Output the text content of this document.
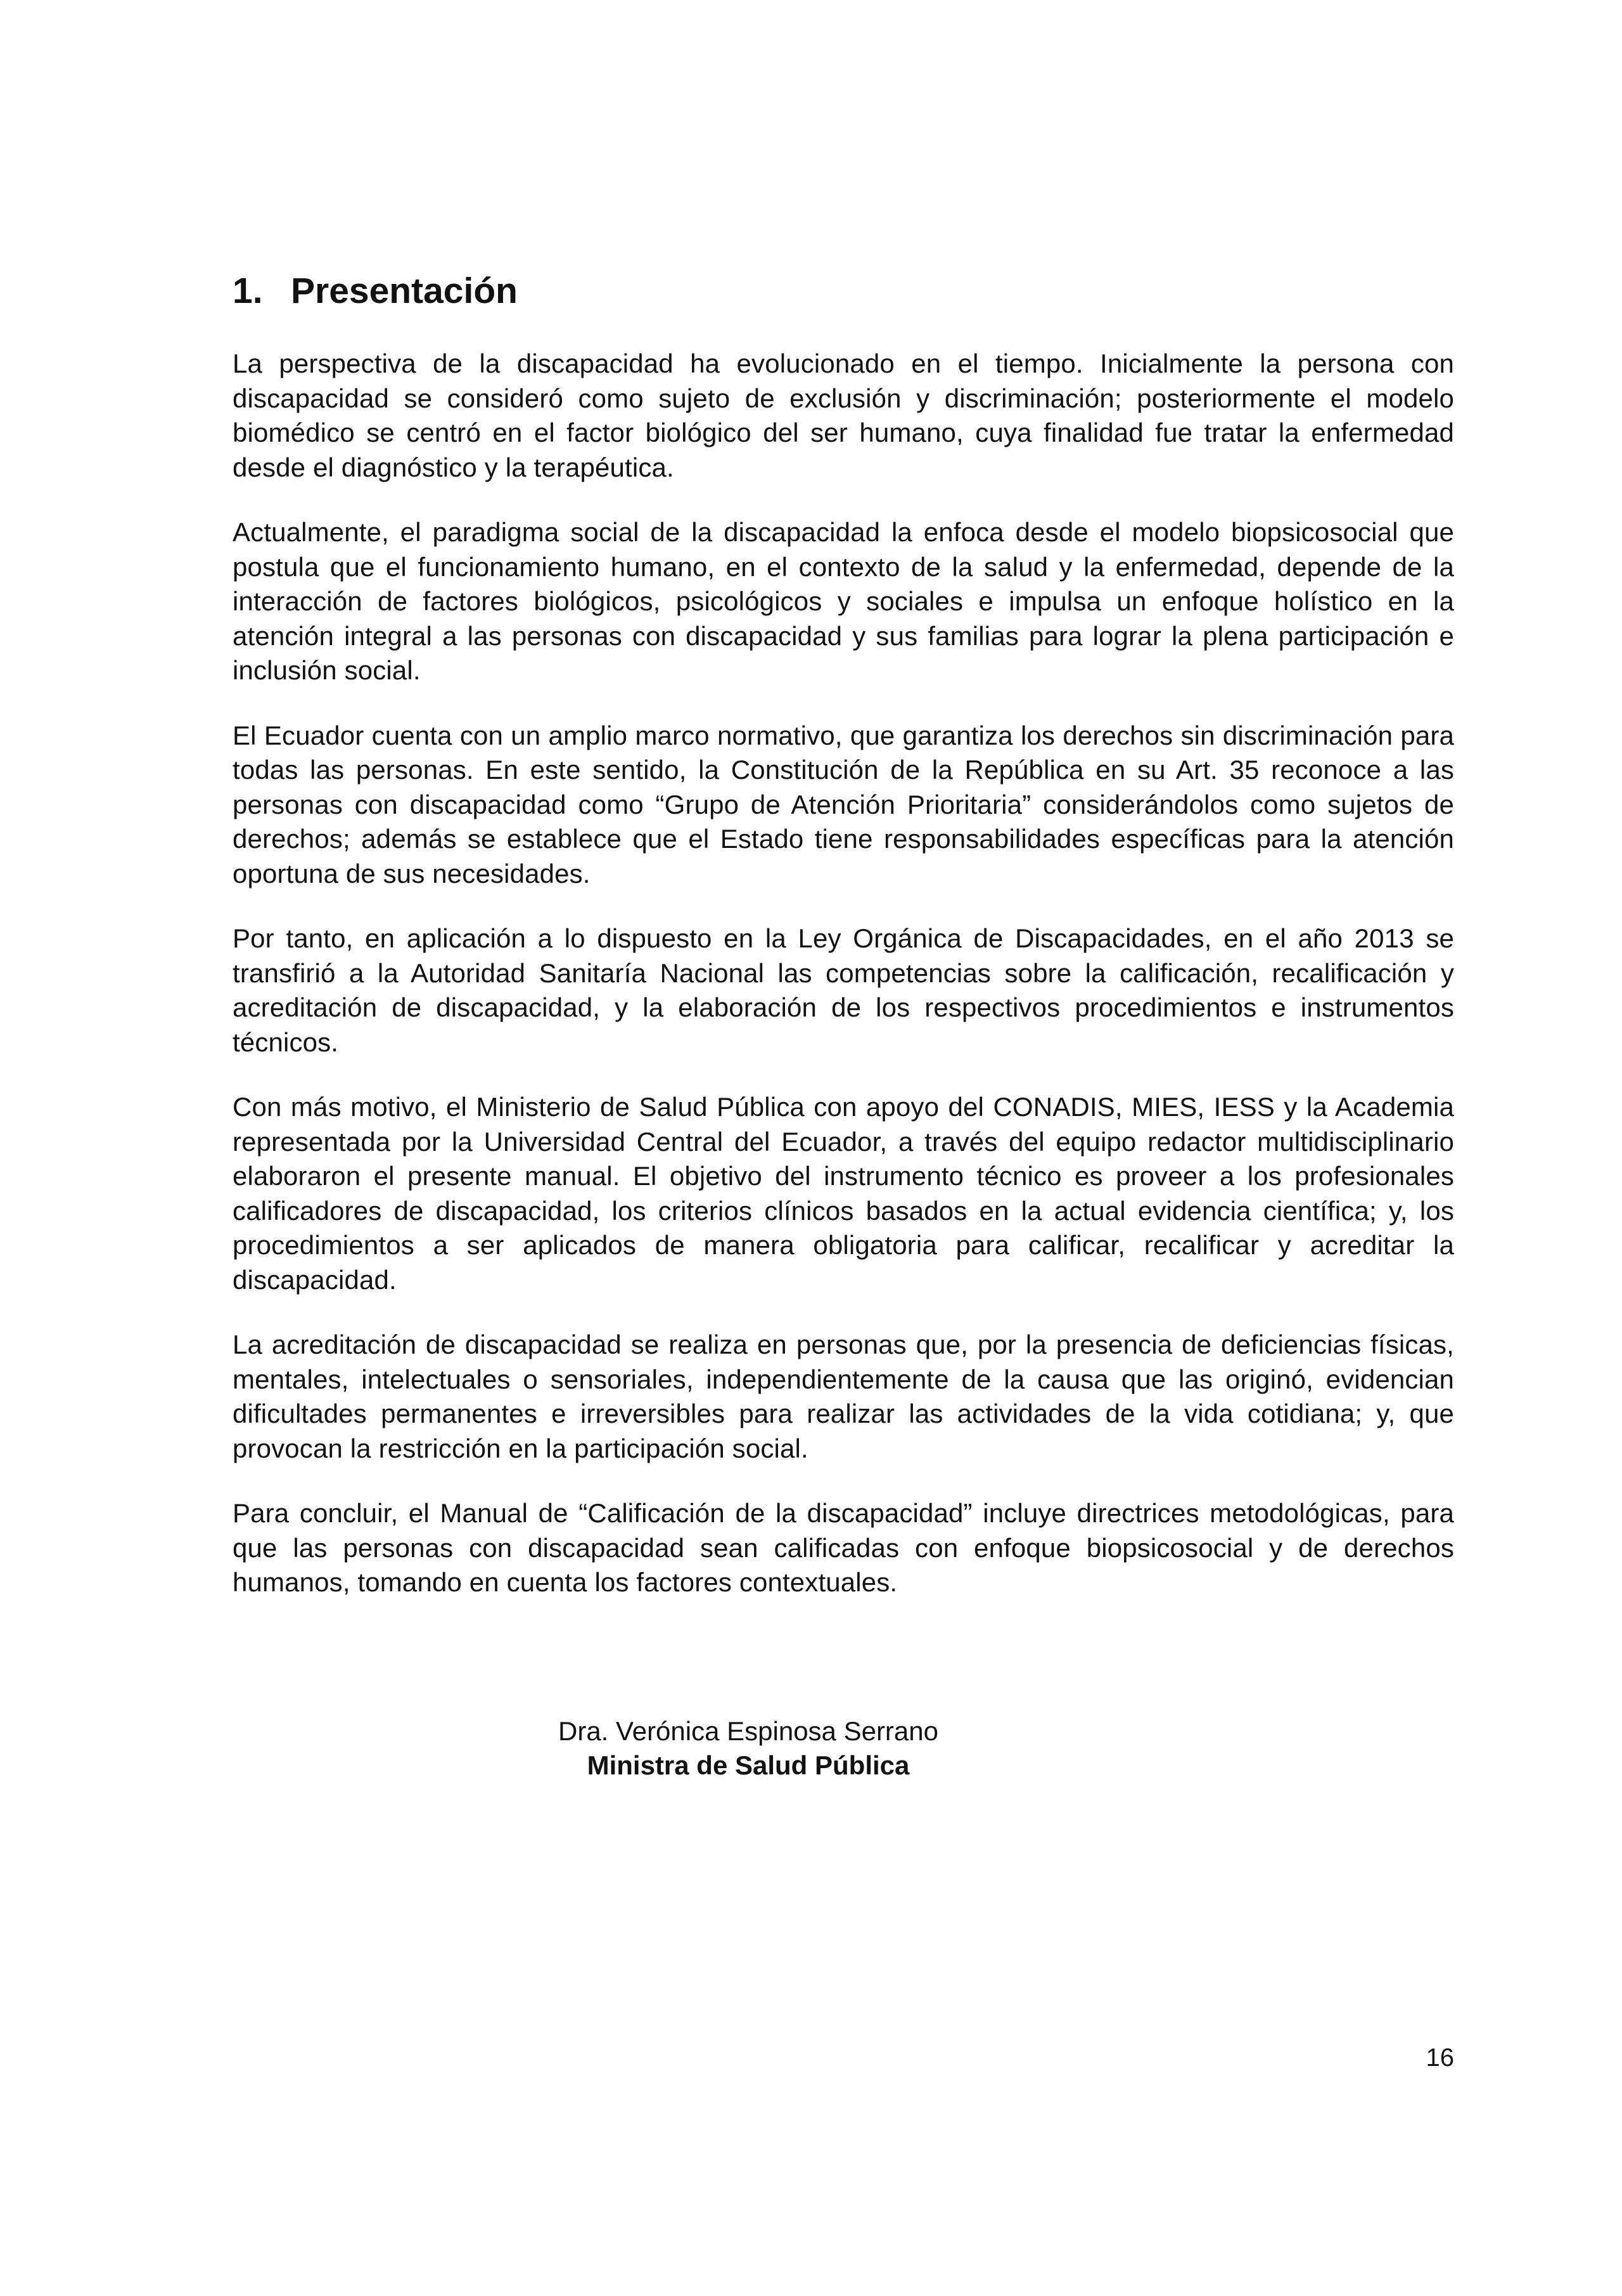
1. Presentación

La perspectiva de la discapacidad ha evolucionado en el tiempo. Inicialmente la persona con discapacidad se consideró como sujeto de exclusión y discriminación; posteriormente el modelo biomédico se centró en el factor biológico del ser humano, cuya finalidad fue tratar la enfermedad desde el diagnóstico y la terapéutica.

Actualmente, el paradigma social de la discapacidad la enfoca desde el modelo biopsicosocial que postula que el funcionamiento humano, en el contexto de la salud y la enfermedad, depende de la interacción de factores biológicos, psicológicos y sociales e impulsa un enfoque holístico en la atención integral a las personas con discapacidad y sus familias para lograr la plena participación e inclusión social.

El Ecuador cuenta con un amplio marco normativo, que garantiza los derechos sin discriminación para todas las personas. En este sentido, la Constitución de la República en su Art. 35 reconoce a las personas con discapacidad como “Grupo de Atención Prioritaria” considerándolos como sujetos de derechos; además se establece que el Estado tiene responsabilidades específicas para la atención oportuna de sus necesidades.

Por tanto, en aplicación a lo dispuesto en la Ley Orgánica de Discapacidades, en el año 2013 se transfirió a la Autoridad Sanitaría Nacional las competencias sobre la calificación, recalificación y acreditación de discapacidad, y la elaboración de los respectivos procedimientos e instrumentos técnicos.

Con más motivo, el Ministerio de Salud Pública con apoyo del CONADIS, MIES, IESS y la Academia representada por la Universidad Central del Ecuador, a través del equipo redactor multidisciplinario elaboraron el presente manual. El objetivo del instrumento técnico es proveer a los profesionales calificadores de discapacidad, los criterios clínicos basados en la actual evidencia científica; y, los procedimientos a ser aplicados de manera obligatoria para calificar, recalificar y acreditar la discapacidad.

La acreditación de discapacidad se realiza en personas que, por la presencia de deficiencias físicas, mentales, intelectuales o sensoriales, independientemente de la causa que las originó, evidencian dificultades permanentes e irreversibles para realizar las actividades de la vida cotidiana; y, que provocan la restricción en la participación social.

Para concluir, el Manual de “Calificación de la discapacidad” incluye directrices metodológicas, para que las personas con discapacidad sean calificadas con enfoque biopsicosocial y de derechos humanos, tomando en cuenta los factores contextuales.

Dra. Verónica Espinosa Serrano
Ministra de Salud Pública
16
